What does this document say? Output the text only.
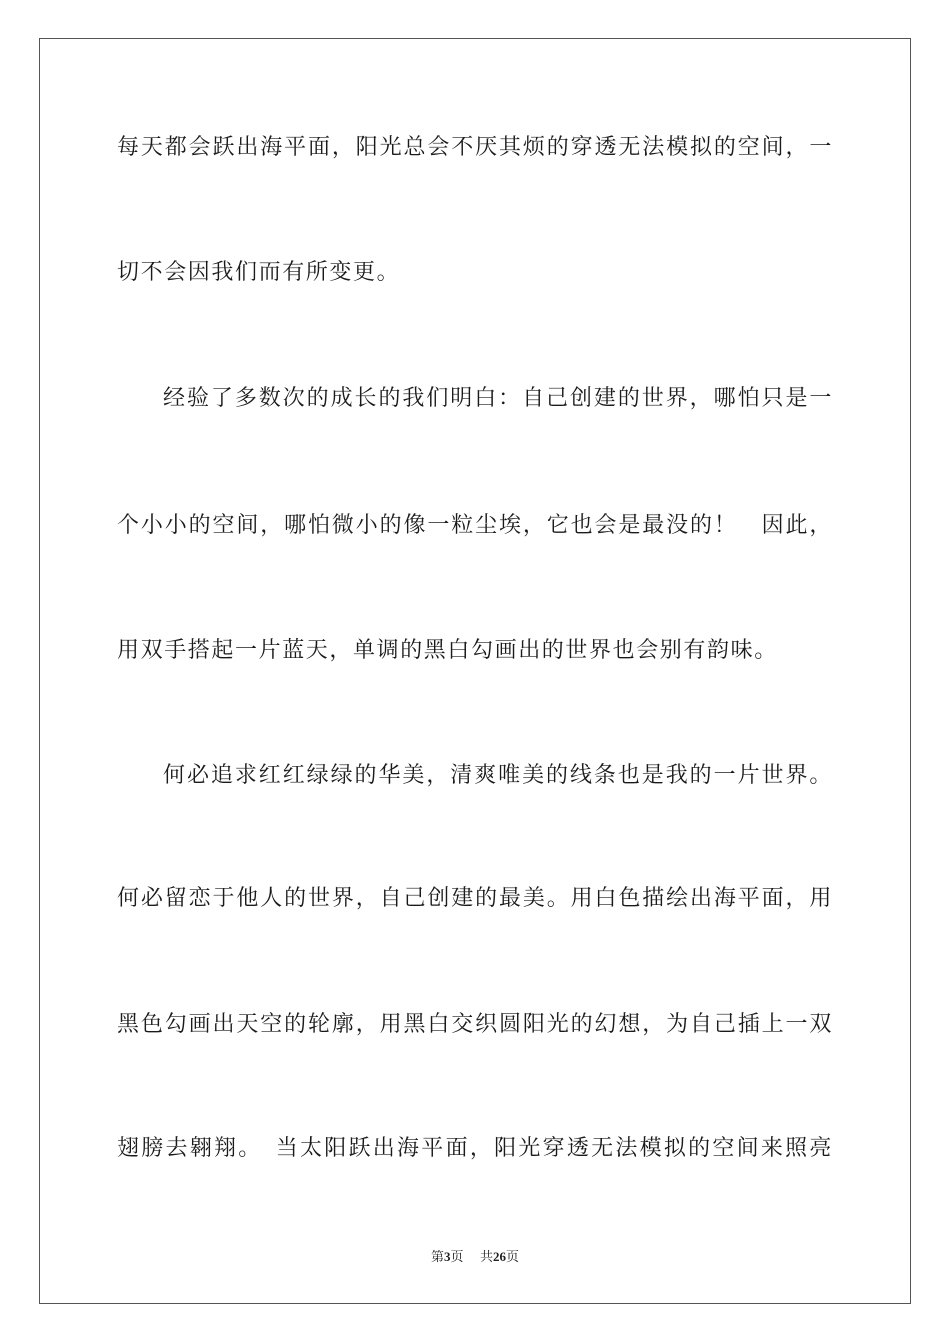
每天都会跃出海平面，阳光总会不厌其烦的穿透无法模拟的空间，一
切不会因我们而有所变更。
经验了多数次的成长的我们明白：自己创建的世界，哪怕只是一
个小小的空间，哪怕微小的像一粒尘埃，它也会是最没的！　因此，
用双手搭起一片蓝天，单调的黑白勾画出的世界也会别有韵味。
何必追求红红绿绿的华美，清爽唯美的线条也是我的一片世界。
何必留恋于他人的世界，自己创建的最美。用白色描绘出海平面，用
黑色勾画出天空的轮廓，用黑白交织圆阳光的幻想，为自己插上一双
翅膀去翱翔。　当太阳跃出海平面，阳光穿透无法模拟的空间来照亮
第3页 共26页
